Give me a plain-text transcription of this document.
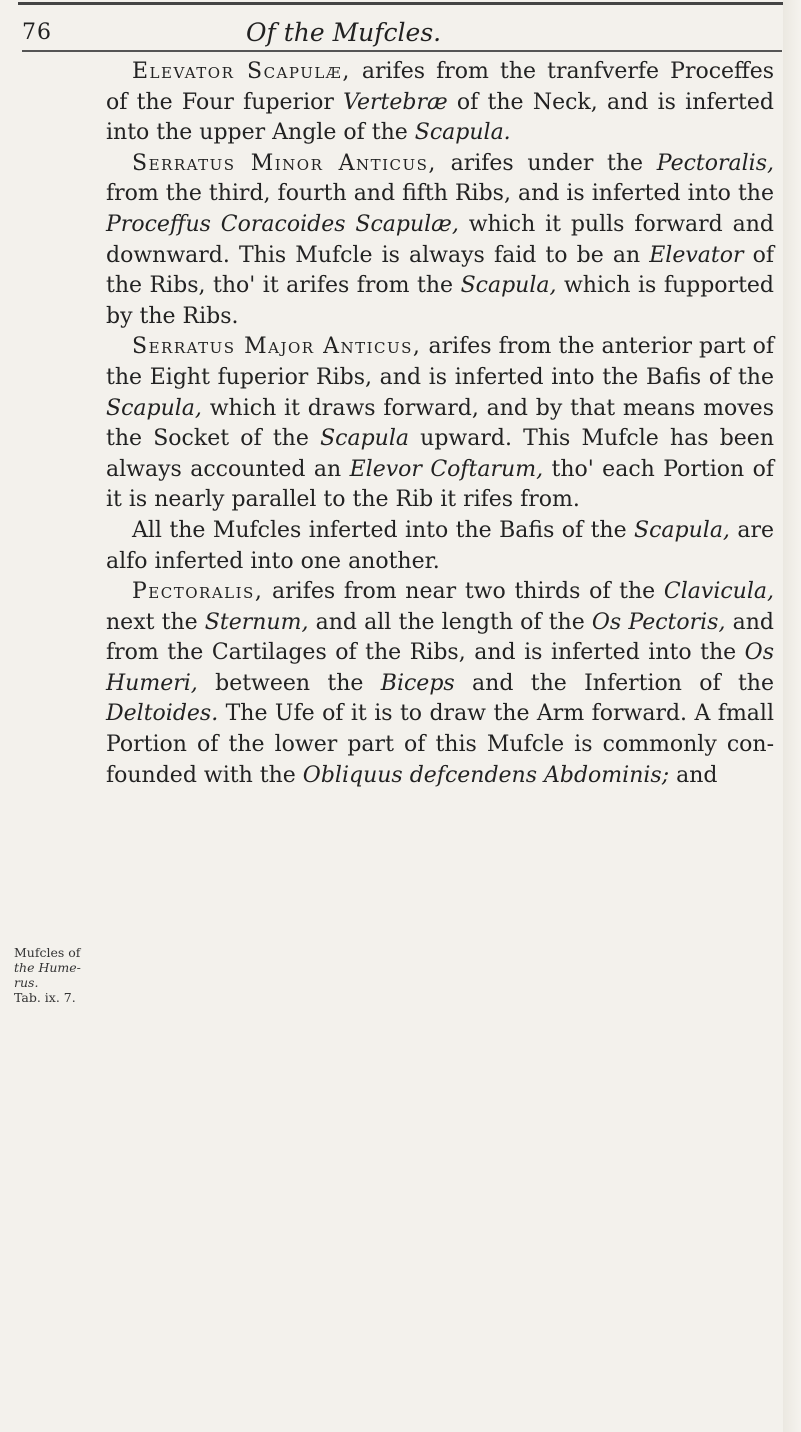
76	Of the Mufcles.

Elevator Scapulæ, arifes from the tranfverfe Proceffes of the Four fuperior Vertebræ of the Neck, and is inferted into the upper Angle of the Scapula.

Serratus Minor Anticus, arifes under the Pectoralis, from the third, fourth and fifth Ribs, and is inferted into the Proceffus Coracoides Scapulæ, which it pulls forward and downward. This Mufcle is always faid to be an Elevator of the Ribs, tho' it arifes from the Scapula, which is fupported by the Ribs.

Serratus Major Anticus, arifes from the anterior part of the Eight fuperior Ribs, and is inferted into the Bafis of the Scapula, which it draws forward, and by that means moves the Socket of the Scapula upward. This Mufcle has been always accounted an Elevor Coftarum, tho' each Portion of it is nearly parallel to the Rib it rifes from.

All the Mufcles inferted into the Bafis of the Scapula, are alfo inferted into one another.

Pectoralis, arifes from near two thirds of the Clavicula, next the Sternum, and all the length of the Os Pectoris, and from the Cartilages of the Ribs, and is inferted into the Os Humeri, between the Biceps and the Infertion of the Deltoides. The Ufe of it is to draw the Arm forward. A fmall Portion of the lower part of this Mufcle is commonly confounded with the Obliquus defcendens Abdominis; and

Mufcles of
the Hume-
rus.
Tab. ix. 7.
